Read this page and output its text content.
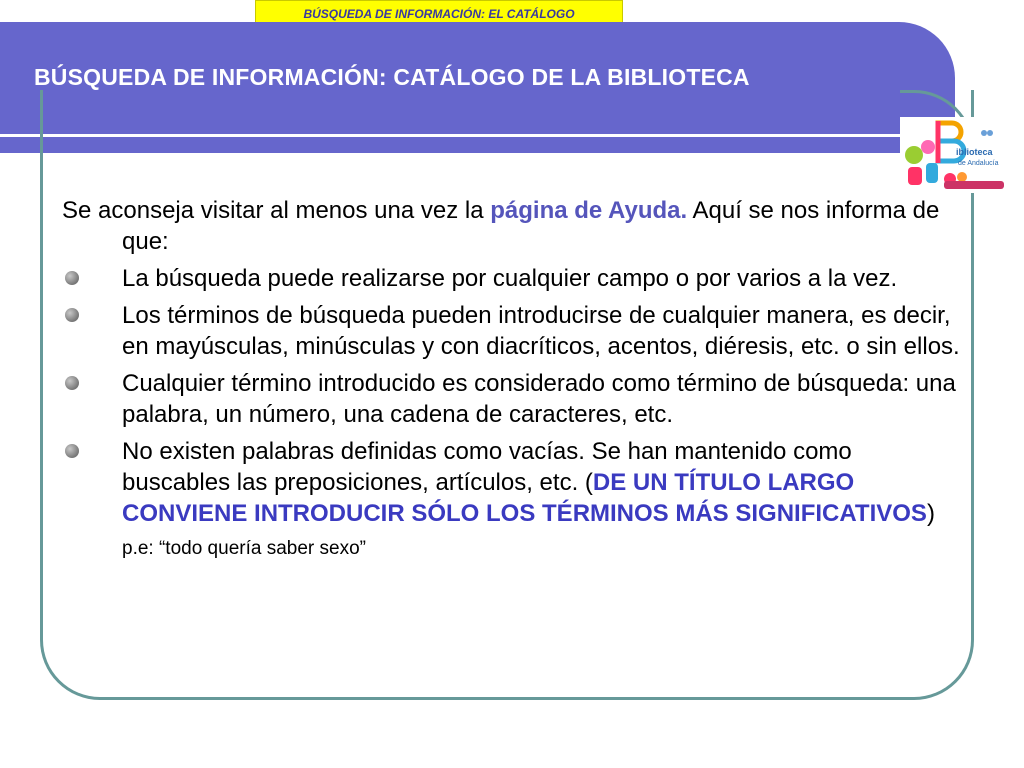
BÚSQUEDA DE INFORMACIÓN: EL CATÁLOGO
BÚSQUEDA DE INFORMACIÓN: CATÁLOGO DE LA BIBLIOTECA
iblioteca
de Andalucía

Se aconseja visitar al menos una vez la página de Ayuda. Aquí se nos informa de que:

La búsqueda puede realizarse por cualquier campo o por varios a la vez.
Los términos de búsqueda pueden introducirse de cualquier manera, es decir, en mayúsculas, minúsculas y con diacríticos, acentos, diéresis, etc. o sin ellos.
Cualquier término introducido es considerado como término de búsqueda: una palabra, un número, una cadena de caracteres, etc.
No existen palabras definidas como vacías. Se han mantenido como buscables las preposiciones, artículos, etc. (DE UN TÍTULO LARGO CONVIENE INTRODUCIR SÓLO LOS TÉRMINOS MÁS SIGNIFICATIVOS) p.e: “todo quería saber sexo”
